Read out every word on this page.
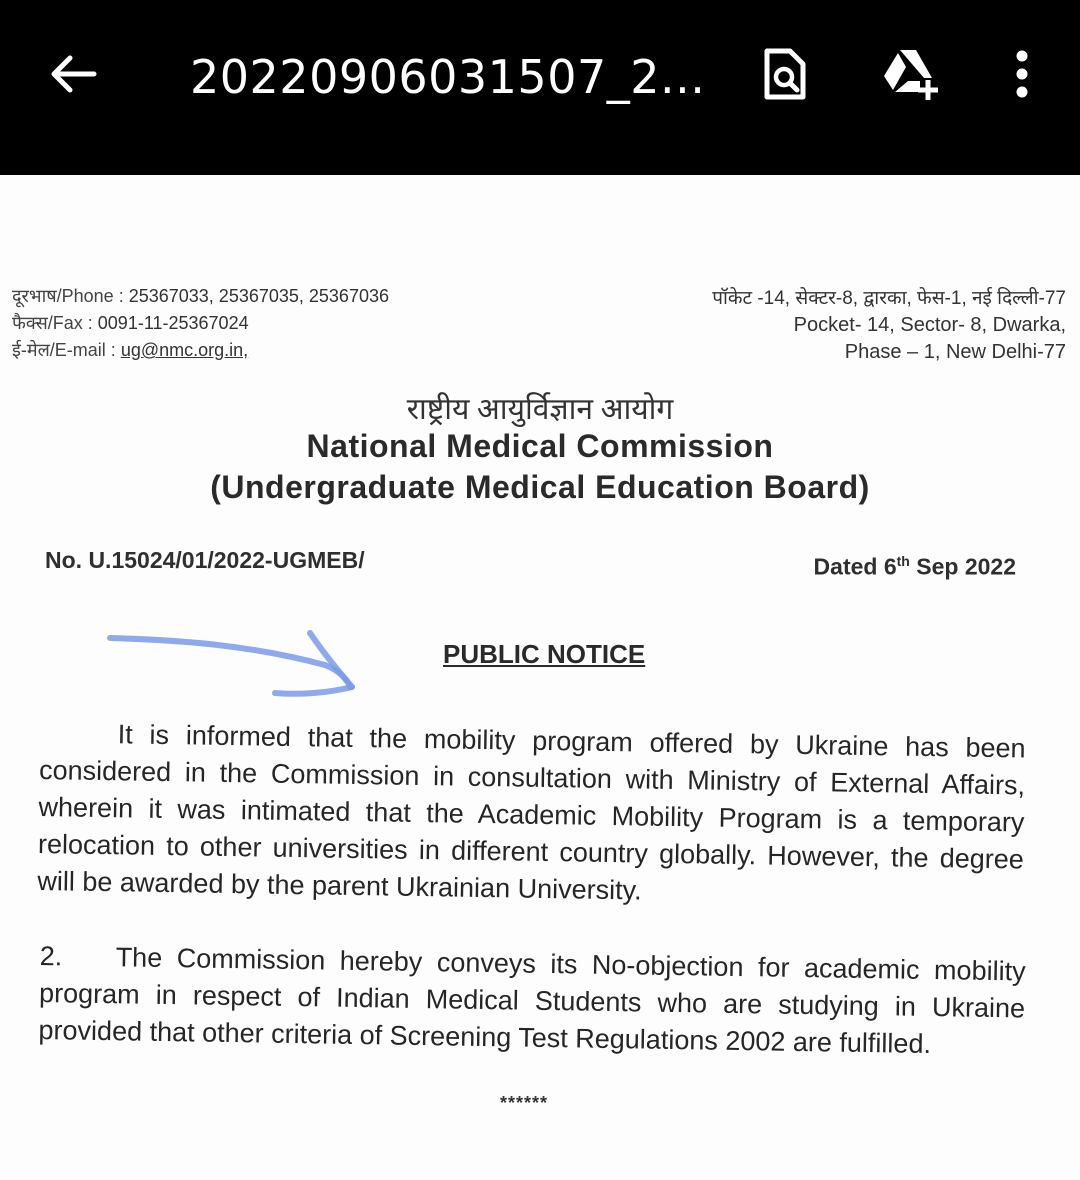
20220906031507_2...
दूरभाष/Phone : 25367033, 25367035, 25367036
फैक्स/Fax : 0091-11-25367024
ई-मेल/E-mail : ug@nmc.org.in,
पॉकेट -14, सेक्टर-8, द्वारका, फेस-1, नई दिल्ली-77
Pocket- 14, Sector- 8, Dwarka,
Phase – 1, New Delhi-77
राष्ट्रीय आयुर्विज्ञान आयोग
National Medical Commission
(Undergraduate Medical Education Board)
No. U.15024/01/2022-UGMEB/	Dated 6th Sep 2022
PUBLIC NOTICE
It is informed that the mobility program offered by Ukraine has been considered in the Commission in consultation with Ministry of External Affairs, wherein it was intimated that the Academic Mobility Program is a temporary relocation to other universities in different country globally. However, the degree will be awarded by the parent Ukrainian University.
2. The Commission hereby conveys its No-objection for academic mobility program in respect of Indian Medical Students who are studying in Ukraine provided that other criteria of Screening Test Regulations 2002 are fulfilled.
******
